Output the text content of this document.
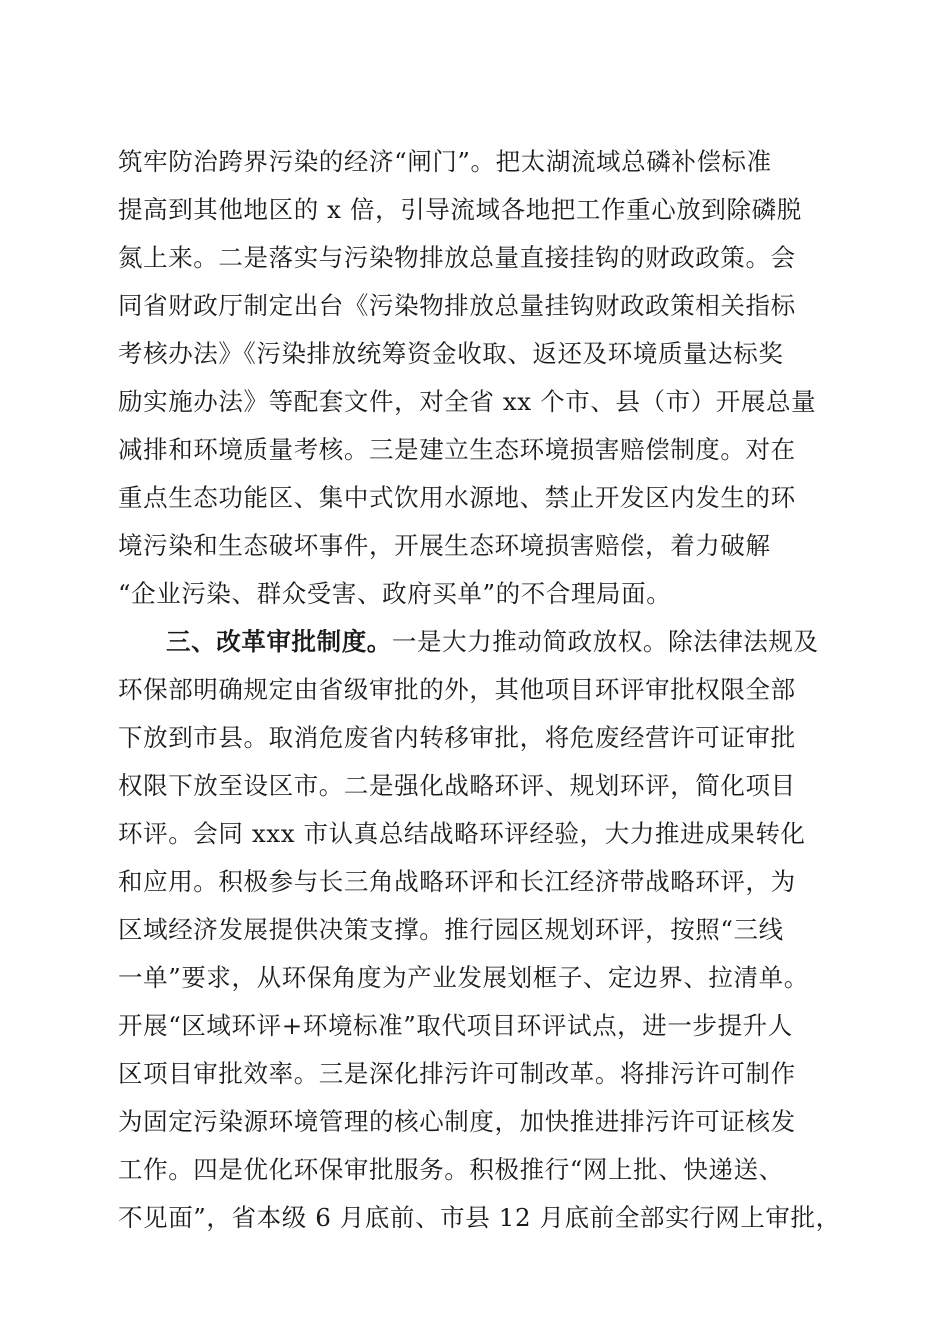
筑牢防治跨界污染的经济“闸门”。把太湖流域总磷补偿标准
提高到其他地区的 x 倍，引导流域各地把工作重心放到除磷脱
氮上来。二是落实与污染物排放总量直接挂钩的财政政策。会
同省财政厅制定出台《污染物排放总量挂钩财政政策相关指标
考核办法》《污染排放统筹资金收取、返还及环境质量达标奖
励实施办法》等配套文件，对全省 xx 个市、县（市）开展总量
减排和环境质量考核。三是建立生态环境损害赔偿制度。对在
重点生态功能区、集中式饮用水源地、禁止开发区内发生的环
境污染和生态破坏事件，开展生态环境损害赔偿，着力破解
“企业污染、群众受害、政府买单”的不合理局面。
三、改革审批制度。一是大力推动简政放权。除法律法规及
环保部明确规定由省级审批的外，其他项目环评审批权限全部
下放到市县。取消危废省内转移审批，将危废经营许可证审批
权限下放至设区市。二是强化战略环评、规划环评，简化项目
环评。会同 xxx 市认真总结战略环评经验，大力推进成果转化
和应用。积极参与长三角战略环评和长江经济带战略环评，为
区域经济发展提供决策支撑。推行园区规划环评，按照“三线
一单”要求，从环保角度为产业发展划框子、定边界、拉清单。
开展“区域环评+环境标准”取代项目环评试点，进一步提升人
区项目审批效率。三是深化排污许可制改革。将排污许可制作
为固定污染源环境管理的核心制度，加快推进排污许可证核发
工作。四是优化环保审批服务。积极推行“网上批、快递送、
不见面”，省本级 6 月底前、市县 12 月底前全部实行网上审批，
